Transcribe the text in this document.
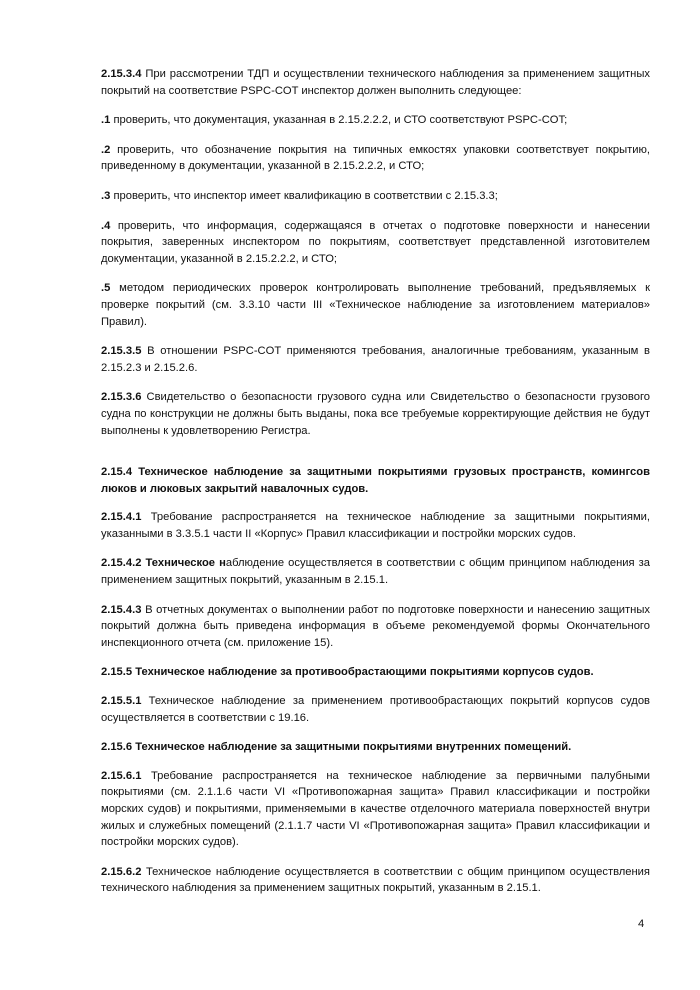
2.15.3.4 При рассмотрении ТДП и осуществлении технического наблюдения за применением защитных покрытий на соответствие PSPC-COT инспектор должен выполнить следующее:

.1 проверить, что документация, указанная в 2.15.2.2.2, и СТО соответствуют PSPC-COT;

.2 проверить, что обозначение покрытия на типичных емкостях упаковки соответствует покрытию, приведенному в документации, указанной в 2.15.2.2.2, и СТО;

.3 проверить, что инспектор имеет квалификацию в соответствии с 2.15.3.3;

.4 проверить, что информация, содержащаяся в отчетах о подготовке поверхности и нанесении покрытия, заверенных инспектором по покрытиям, соответствует представленной изготовителем документации, указанной в 2.15.2.2.2, и СТО;

.5 методом периодических проверок контролировать выполнение требований, предъявляемых к проверке покрытий (см. 3.3.10 части III «Техническое наблюдение за изготовлением материалов» Правил).

2.15.3.5 В отношении PSPC-COT применяются требования, аналогичные требованиям, указанным в 2.15.2.3 и 2.15.2.6.

2.15.3.6 Свидетельство о безопасности грузового судна или Свидетельство о безопасности грузового судна по конструкции не должны быть выданы, пока все требуемые корректирующие действия не будут выполнены к удовлетворению Регистра.

2.15.4 Техническое наблюдение за защитными покрытиями грузовых пространств, комингсов люков и люковых закрытий навалочных судов.

2.15.4.1 Требование распространяется на техническое наблюдение за защитными покрытиями, указанными в 3.3.5.1 части II «Корпус» Правил классификации и постройки морских судов.

2.15.4.2 Техническое наблюдение осуществляется в соответствии с общим принципом наблюдения за применением защитных покрытий, указанным в 2.15.1.

2.15.4.3 В отчетных документах о выполнении работ по подготовке поверхности и нанесению защитных покрытий должна быть приведена информация в объеме рекомендуемой формы Окончательного инспекционного отчета (см. приложение 15).

2.15.5 Техническое наблюдение за противообрастающими покрытиями корпусов судов.

2.15.5.1 Техническое наблюдение за применением противообрастающих покрытий корпусов судов осуществляется в соответствии с 19.16.

2.15.6 Техническое наблюдение за защитными покрытиями внутренних помещений.

2.15.6.1 Требование распространяется на техническое наблюдение за первичными палубными покрытиями (см. 2.1.1.6 части VI «Противопожарная защита» Правил классификации и постройки морских судов) и покрытиями, применяемыми в качестве отделочного материала поверхностей внутри жилых и служебных помещений (2.1.1.7 части VI «Противопожарная защита» Правил классификации и постройки морских судов).

2.15.6.2 Техническое наблюдение осуществляется в соответствии с общим принципом осуществления технического наблюдения за применением защитных покрытий, указанным в 2.15.1.

4
